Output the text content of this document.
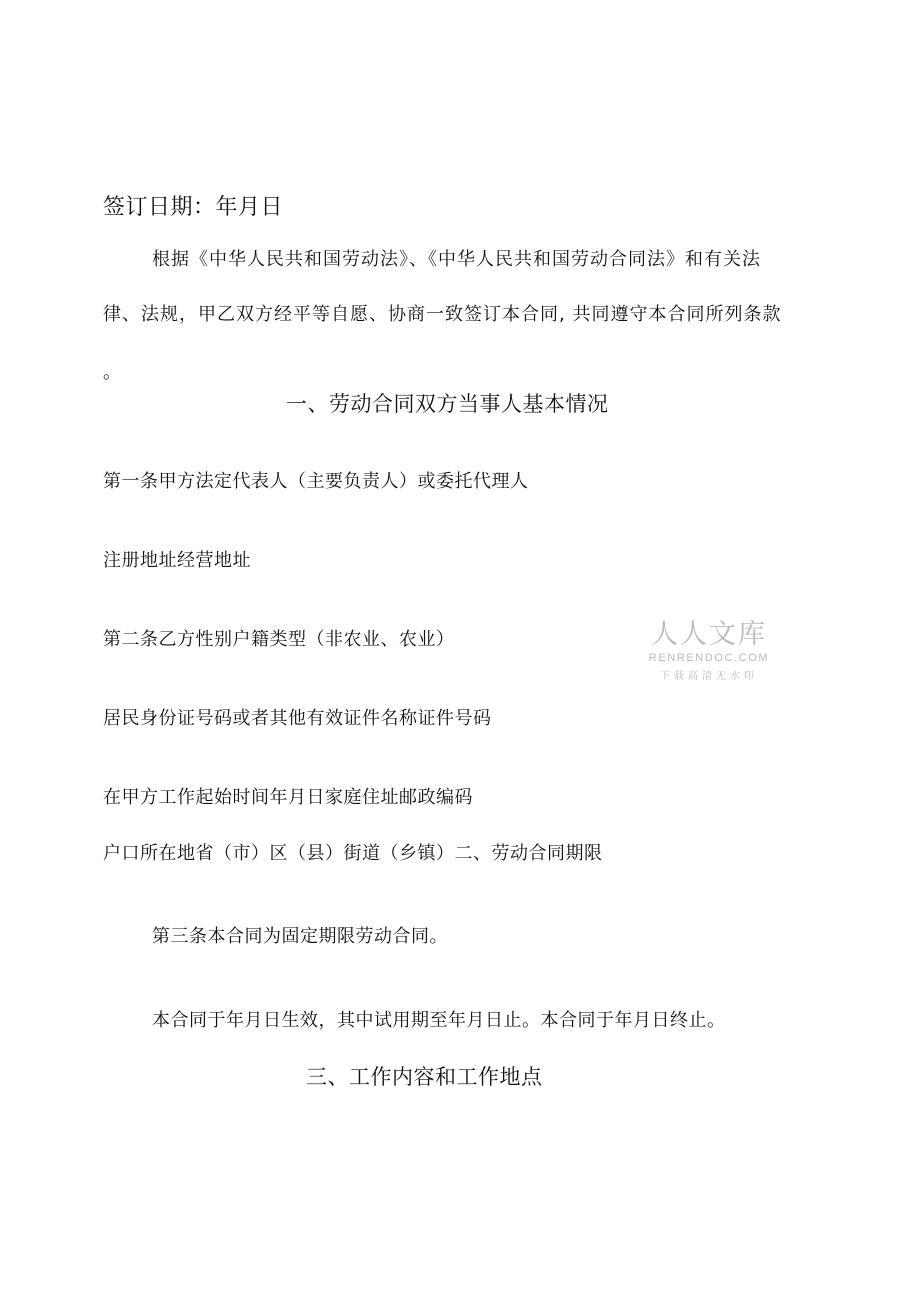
签订日期：年月日
根据《中华人民共和国劳动法》、《中华人民共和国劳动合同法》和有关法
律、法规，甲乙双方经平等自愿、协商一致签订本合同, 共同遵守本合同所列条款
。
一、劳动合同双方当事人基本情况
第一条甲方法定代表人（主要负责人）或委托代理人
注册地址经营地址
第二条乙方性别户籍类型（非农业、农业）
居民身份证号码或者其他有效证件名称证件号码
在甲方工作起始时间年月日家庭住址邮政编码
户口所在地省（市）区（县）街道（乡镇）二、劳动合同期限
第三条本合同为固定期限劳动合同。
本合同于年月日生效，其中试用期至年月日止。本合同于年月日终止。
三、工作内容和工作地点
人人文库
RENRENDOC.COM
下载高清无水印
